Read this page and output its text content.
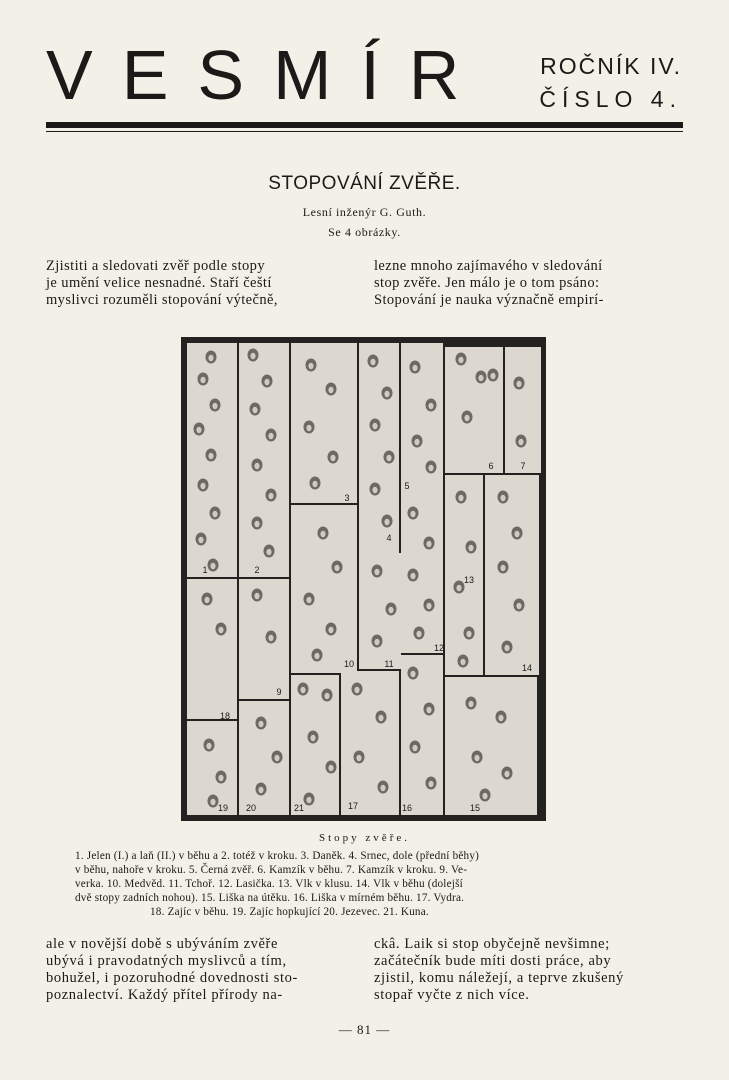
VESMÍR ROČNÍK IV.
ČÍSLO 4.
STOPOVÁNÍ ZVĚŘE.
Lesní inženýr G. Guth.
Se 4 obrázky.

Zjistiti a sledovati zvěř podle stopy

je umění velice nesnadné. Staří čeští

myslivci rozuměli stopování výtečně,

lezne mnoho zajímavého v sledování

stop zvěře. Jen málo je o tom psáno:

Stopování je nauka význačně empirí-

1	2
3
4
5
6	7
9
10	11
12
13
14
15
16
17
18
19 20	21
Stopy zvěře.

1. Jelen (I.) a laň (II.) v běhu a 2. totéž v kroku. 3. Daněk. 4. Srnec, dole (přední běhy)

v běhu, nahoře v kroku. 5. Černá zvěř. 6. Kamzík v běhu. 7. Kamzík v kroku. 9. Ve-

verka. 10. Medvěd. 11. Tchoř. 12. Lasička. 13. Vlk v klusu. 14. Vlk v běhu (dolejší

dvě stopy zadních nohou). 15. Liška na útěku. 16. Liška v mírném běhu. 17. Vydra.

18. Zajíc v běhu. 19. Zajíc hopkující 20. Jezevec. 21. Kuna.

ale v novější době s ubýváním zvěře

ubývá i pravodatných myslivců a tím,

bohužel, i pozoruhodné dovednosti sto-

poznalectví. Každý přítel přírody na-

ckâ. Laik si stop obyčejně nevšimne;

začátečník bude míti dosti práce, aby

zjistil, komu náležejí, a teprve zkušený

stopař vyčte z nich více.

— 81 —
